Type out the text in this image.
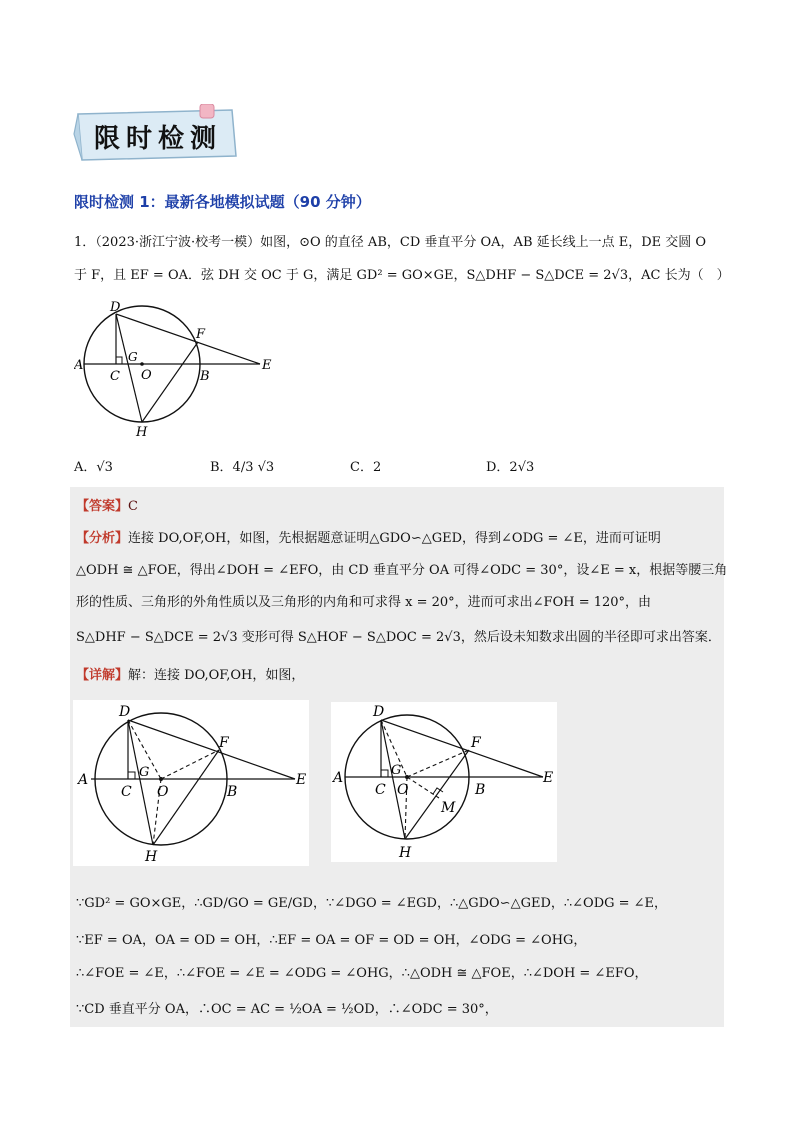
限时检测
限时检测 1：最新各地模拟试题（90 分钟）
1．（2023·浙江宁波·校考一模）如图，⊙O 的直径 AB，CD 垂直平分 OA，AB 延长线上一点 E，DE 交圆 O
于 F，且 EF = OA．弦 DH 交 OC 于 G，满足 GD² = GO×GE，S△DHF − S△DCE = 2√3，AC 长为（　）
D
F
A
C
G
O	B
E
H
A．√3	B．4/3 √3	C．2	D．2√3
【答案】C
【分析】连接 DO,OF,OH，如图，先根据题意证明△GDO∽△GED，得到∠ODG = ∠E，进而可证明
△ODH ≅ △FOE，得出∠DOH = ∠EFO，由 CD 垂直平分 OA 可得∠ODC = 30°，设∠E = x，根据等腰三角
形的性质、三角形的外角性质以及三角形的内角和可求得 x = 20°，进而可求出∠FOH = 120°，由
S△DHF − S△DCE = 2√3 变形可得 S△HOF − S△DOC = 2√3，然后设未知数求出圆的半径即可求出答案．
【详解】解：连接 DO,OF,OH，如图，
D
F
A
C
G
O	B
E
H
D
F
A
C
G
O
M
B
E
H
∵GD² = GO×GE，∴GD/GO = GE/GD，∵∠DGO = ∠EGD，∴△GDO∽△GED，∴∠ODG = ∠E，
∵EF = OA，OA = OD = OH，∴EF = OA = OF = OD = OH，∠ODG = ∠OHG，
∴∠FOE = ∠E，∴∠FOE = ∠E = ∠ODG = ∠OHG，∴△ODH ≅ △FOE，∴∠DOH = ∠EFO，
∵CD 垂直平分 OA，∴OC = AC = ½OA = ½OD，∴∠ODC = 30°，
